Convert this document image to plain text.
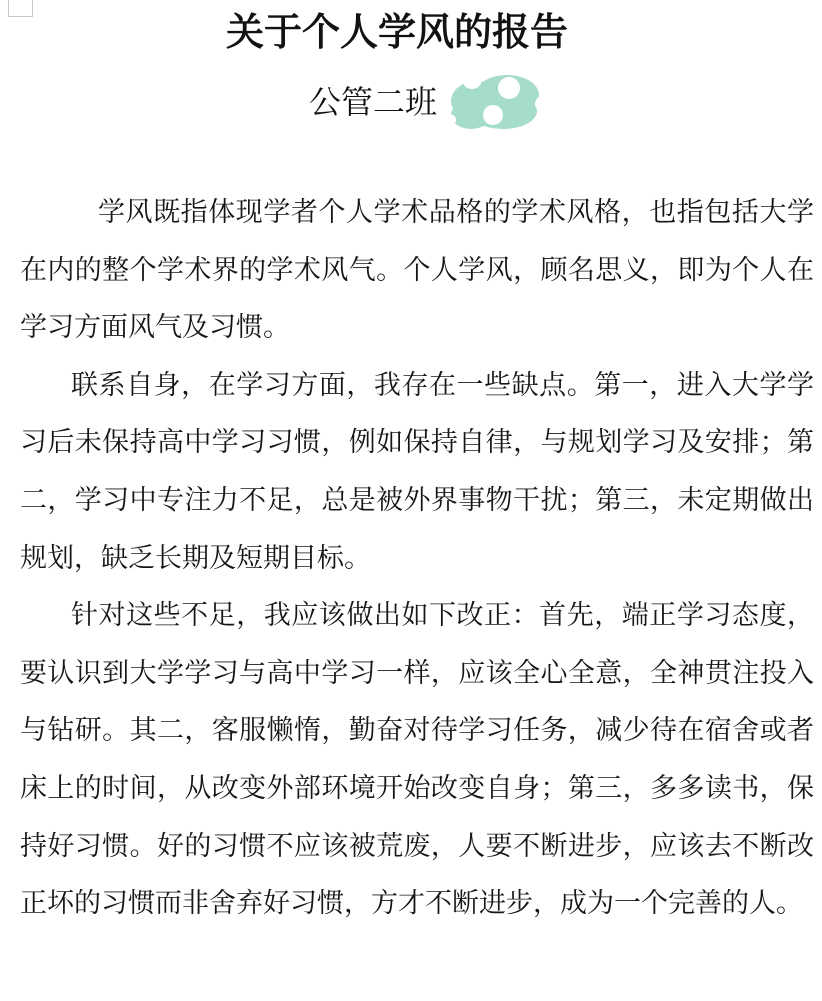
关于个人学风的报告
公管二班

学风既指体现学者个人学术品格的学术风格，也指包括大学在内的整个学术界的学术风气。个人学风，顾名思义，即为个人在学习方面风气及习惯。

联系自身，在学习方面，我存在一些缺点。第一，进入大学学习后未保持高中学习习惯，例如保持自律，与规划学习及安排；第二，学习中专注力不足，总是被外界事物干扰；第三，未定期做出规划，缺乏长期及短期目标。

针对这些不足，我应该做出如下改正：首先，端正学习态度，要认识到大学学习与高中学习一样，应该全心全意，全神贯注投入与钻研。其二，客服懒惰，勤奋对待学习任务，减少待在宿舍或者床上的时间，从改变外部环境开始改变自身；第三，多多读书，保持好习惯。好的习惯不应该被荒废，人要不断进步，应该去不断改正坏的习惯而非舍弃好习惯，方才不断进步，成为一个完善的人。
